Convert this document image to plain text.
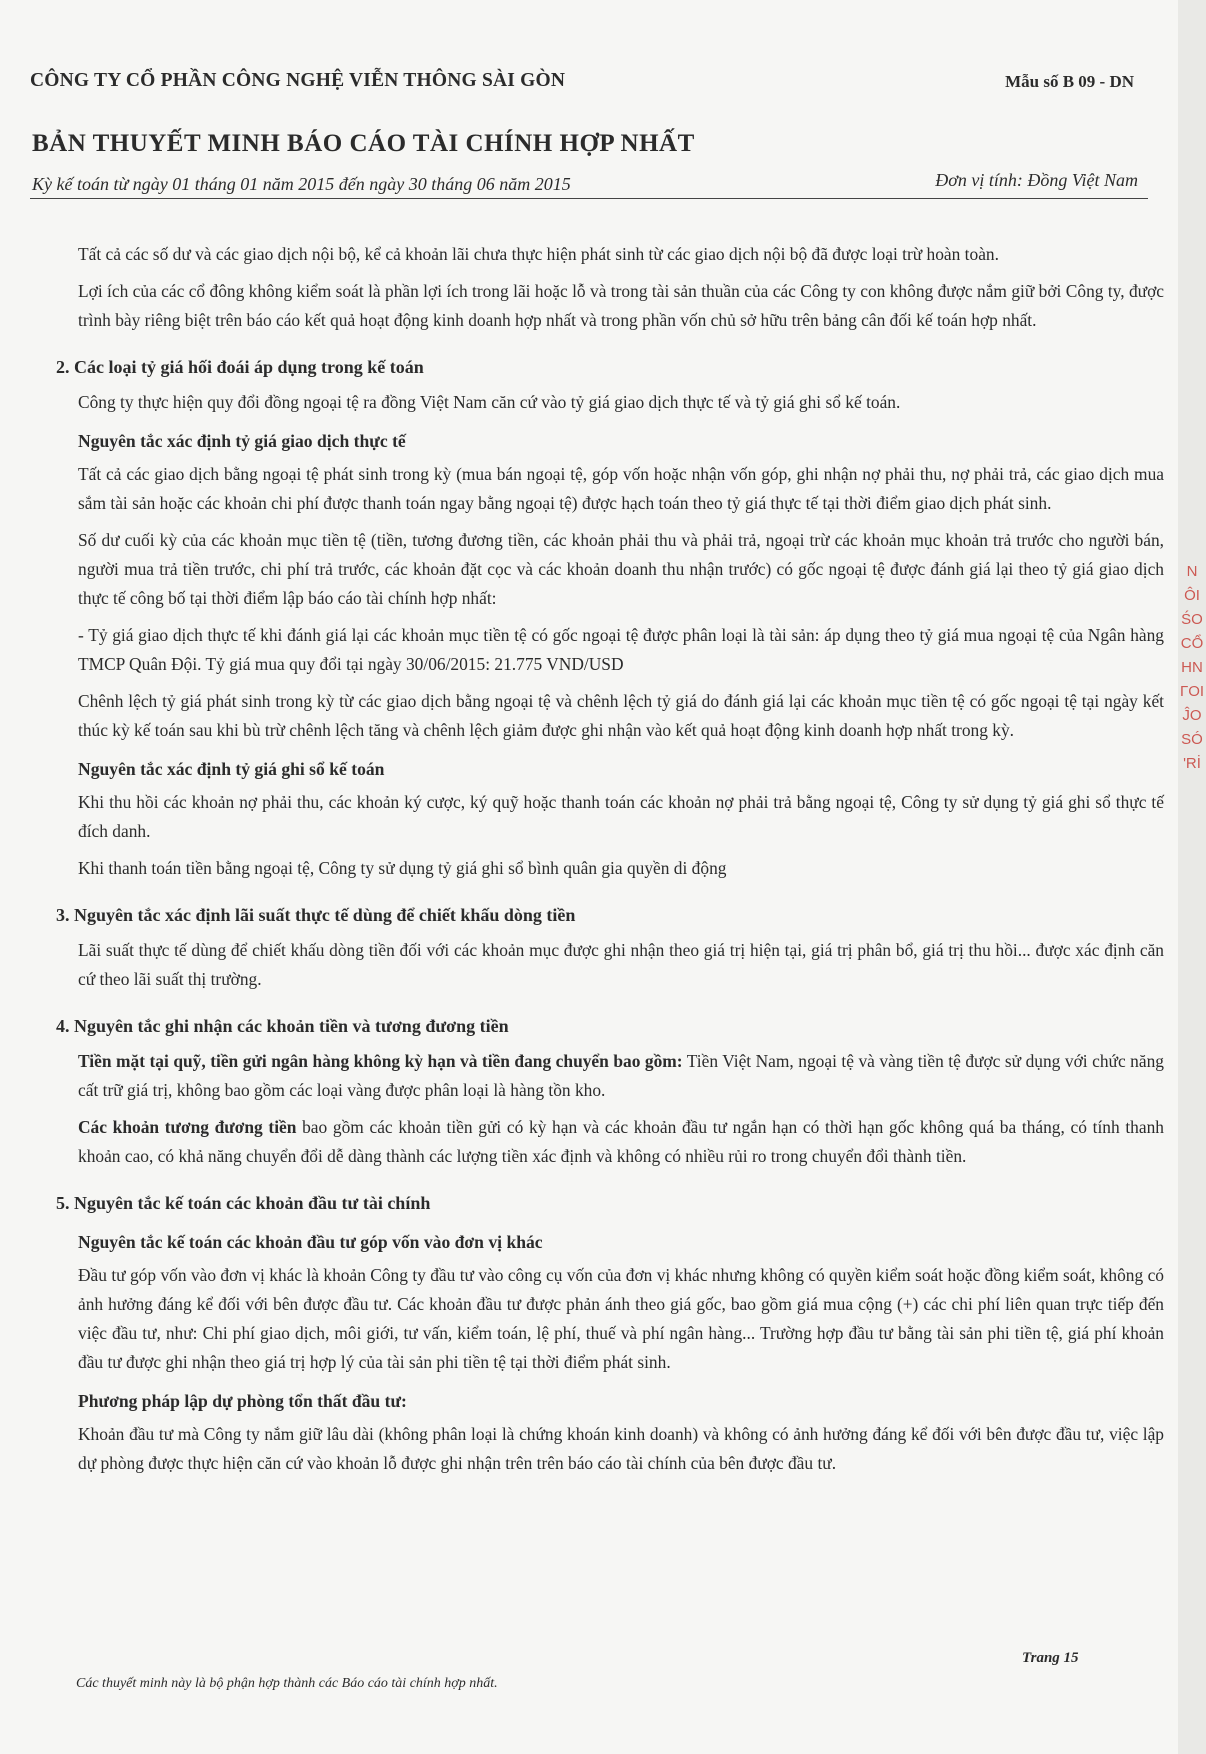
CÔNG TY CỔ PHẦN CÔNG NGHỆ VIỄN THÔNG SÀI GÒN	Mẫu số B 09 - DN
BẢN THUYẾT MINH BÁO CÁO TÀI CHÍNH HỢP NHẤT
Kỳ kế toán từ ngày 01 tháng 01 năm 2015 đến ngày 30 tháng 06 năm 2015	Đơn vị tính: Đồng Việt Nam

Tất cả các số dư và các giao dịch nội bộ, kể cả khoản lãi chưa thực hiện phát sinh từ các giao dịch nội bộ đã được loại trừ hoàn toàn.

Lợi ích của các cổ đông không kiểm soát là phần lợi ích trong lãi hoặc lỗ và trong tài sản thuần của các Công ty con không được nắm giữ bởi Công ty, được trình bày riêng biệt trên báo cáo kết quả hoạt động kinh doanh hợp nhất và trong phần vốn chủ sở hữu trên bảng cân đối kế toán hợp nhất.

2. Các loại tỷ giá hối đoái áp dụng trong kế toán

Công ty thực hiện quy đổi đồng ngoại tệ ra đồng Việt Nam căn cứ vào tỷ giá giao dịch thực tế và tỷ giá ghi sổ kế toán.

Nguyên tắc xác định tỷ giá giao dịch thực tế

Tất cả các giao dịch bằng ngoại tệ phát sinh trong kỳ (mua bán ngoại tệ, góp vốn hoặc nhận vốn góp, ghi nhận nợ phải thu, nợ phải trả, các giao dịch mua sắm tài sản hoặc các khoản chi phí được thanh toán ngay bằng ngoại tệ) được hạch toán theo tỷ giá thực tế tại thời điểm giao dịch phát sinh.

Số dư cuối kỳ của các khoản mục tiền tệ (tiền, tương đương tiền, các khoản phải thu và phải trả, ngoại trừ các khoản mục khoản trả trước cho người bán, người mua trả tiền trước, chi phí trả trước, các khoản đặt cọc và các khoản doanh thu nhận trước) có gốc ngoại tệ được đánh giá lại theo tỷ giá giao dịch thực tế công bố tại thời điểm lập báo cáo tài chính hợp nhất:

- Tỷ giá giao dịch thực tế khi đánh giá lại các khoản mục tiền tệ có gốc ngoại tệ được phân loại là tài sản: áp dụng theo tỷ giá mua ngoại tệ của Ngân hàng TMCP Quân Đội. Tỷ giá mua quy đổi tại ngày 30/06/2015: 21.775 VND/USD

Chênh lệch tỷ giá phát sinh trong kỳ từ các giao dịch bằng ngoại tệ và chênh lệch tỷ giá do đánh giá lại các khoản mục tiền tệ có gốc ngoại tệ tại ngày kết thúc kỳ kế toán sau khi bù trừ chênh lệch tăng và chênh lệch giảm được ghi nhận vào kết quả hoạt động kinh doanh hợp nhất trong kỳ.

Nguyên tắc xác định tỷ giá ghi sổ kế toán

Khi thu hồi các khoản nợ phải thu, các khoản ký cược, ký quỹ hoặc thanh toán các khoản nợ phải trả bằng ngoại tệ, Công ty sử dụng tỷ giá ghi sổ thực tế đích danh.

Khi thanh toán tiền bằng ngoại tệ, Công ty sử dụng tỷ giá ghi sổ bình quân gia quyền di động

3. Nguyên tắc xác định lãi suất thực tế dùng để chiết khấu dòng tiền

Lãi suất thực tế dùng để chiết khấu dòng tiền đối với các khoản mục được ghi nhận theo giá trị hiện tại, giá trị phân bổ, giá trị thu hồi... được xác định căn cứ theo lãi suất thị trường.

4. Nguyên tắc ghi nhận các khoản tiền và tương đương tiền

Tiền mặt tại quỹ, tiền gửi ngân hàng không kỳ hạn và tiền đang chuyển bao gồm: Tiền Việt Nam, ngoại tệ và vàng tiền tệ được sử dụng với chức năng cất trữ giá trị, không bao gồm các loại vàng được phân loại là hàng tồn kho.

Các khoản tương đương tiền bao gồm các khoản tiền gửi có kỳ hạn và các khoản đầu tư ngắn hạn có thời hạn gốc không quá ba tháng, có tính thanh khoản cao, có khả năng chuyển đổi dễ dàng thành các lượng tiền xác định và không có nhiều rủi ro trong chuyển đổi thành tiền.

5. Nguyên tắc kế toán các khoản đầu tư tài chính
Nguyên tắc kế toán các khoản đầu tư góp vốn vào đơn vị khác

Đầu tư góp vốn vào đơn vị khác là khoản Công ty đầu tư vào công cụ vốn của đơn vị khác nhưng không có quyền kiểm soát hoặc đồng kiểm soát, không có ảnh hưởng đáng kể đối với bên được đầu tư. Các khoản đầu tư được phản ánh theo giá gốc, bao gồm giá mua cộng (+) các chi phí liên quan trực tiếp đến việc đầu tư, như: Chi phí giao dịch, môi giới, tư vấn, kiểm toán, lệ phí, thuế và phí ngân hàng... Trường hợp đầu tư bằng tài sản phi tiền tệ, giá phí khoản đầu tư được ghi nhận theo giá trị hợp lý của tài sản phi tiền tệ tại thời điểm phát sinh.

Phương pháp lập dự phòng tổn thất đầu tư:

Khoản đầu tư mà Công ty nắm giữ lâu dài (không phân loại là chứng khoán kinh doanh) và không có ảnh hưởng đáng kể đối với bên được đầu tư, việc lập dự phòng được thực hiện căn cứ vào khoản lỗ được ghi nhận trên trên báo cáo tài chính của bên được đầu tư.

Trang 15
Các thuyết minh này là bộ phận hợp thành các Báo cáo tài chính hợp nhất.
N
ÔI
ŚO
CỔ
HN
ΓΟΙ
ĴO
SÓ
'Rİ
